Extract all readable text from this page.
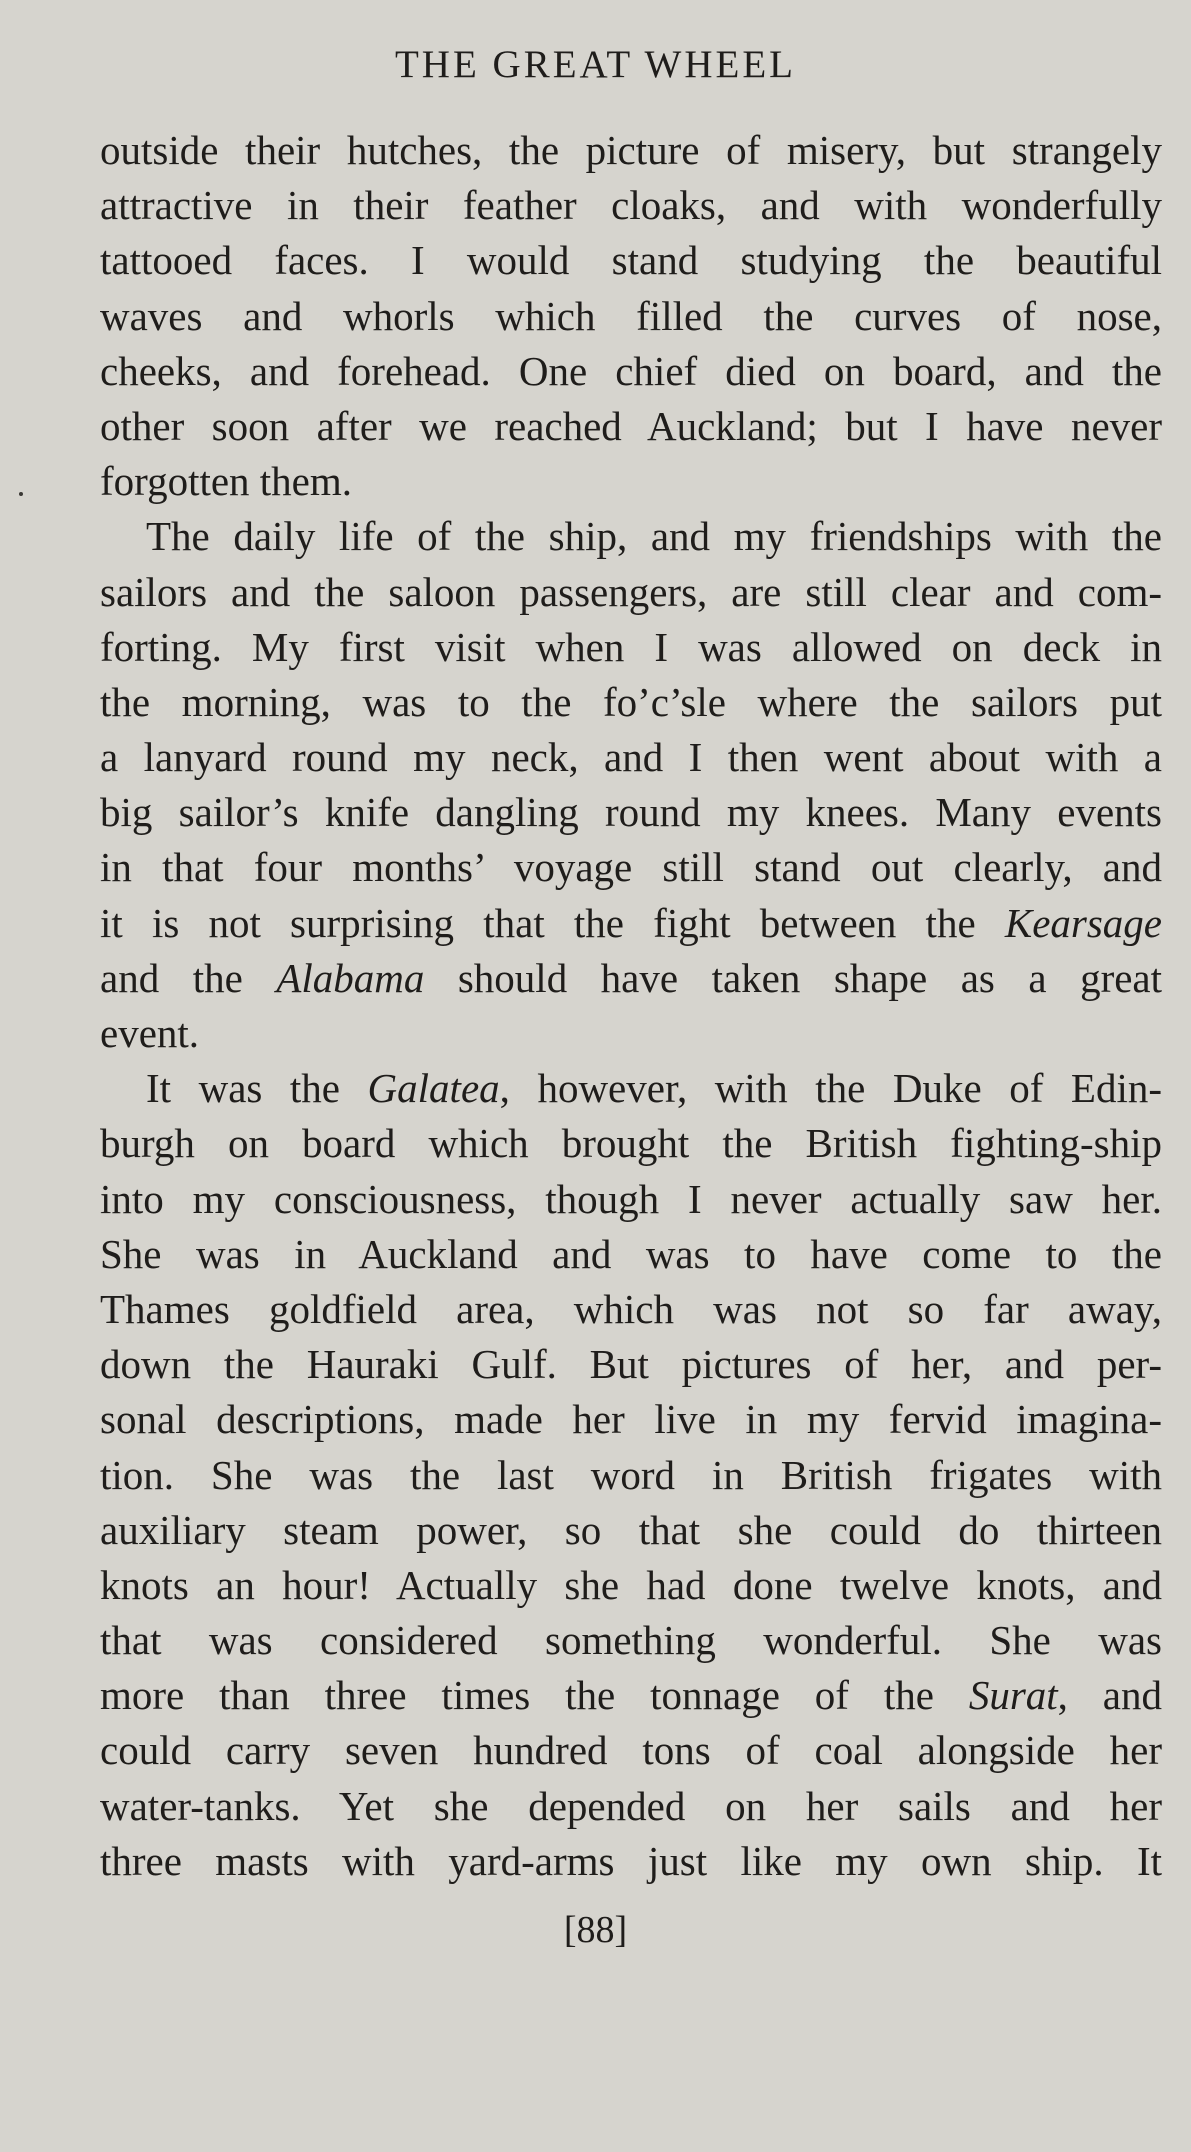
THE GREAT WHEEL
outside their hutches, the picture of misery, but strangely
attractive in their feather cloaks, and with wonderfully
tattooed faces. I would stand studying the beautiful
waves and whorls which filled the curves of nose,
cheeks, and forehead. One chief died on board, and the
other soon after we reached Auckland; but I have never
forgotten them.
The daily life of the ship, and my friendships with the
sailors and the saloon passengers, are still clear and com-
forting. My first visit when I was allowed on deck in
the morning, was to the fo’c’sle where the sailors put
a lanyard round my neck, and I then went about with a
big sailor’s knife dangling round my knees. Many events
in that four months’ voyage still stand out clearly, and
it is not surprising that the fight between the Kearsage
and the Alabama should have taken shape as a great
event.
It was the Galatea, however, with the Duke of Edin-
burgh on board which brought the British fighting-ship
into my consciousness, though I never actually saw her.
She was in Auckland and was to have come to the
Thames goldfield area, which was not so far away,
down the Hauraki Gulf. But pictures of her, and per-
sonal descriptions, made her live in my fervid imagina-
tion. She was the last word in British frigates with
auxiliary steam power, so that she could do thirteen
knots an hour! Actually she had done twelve knots, and
that was considered something wonderful. She was
more than three times the tonnage of the Surat, and
could carry seven hundred tons of coal alongside her
water-tanks. Yet she depended on her sails and her
three masts with yard-arms just like my own ship. It
[88]
